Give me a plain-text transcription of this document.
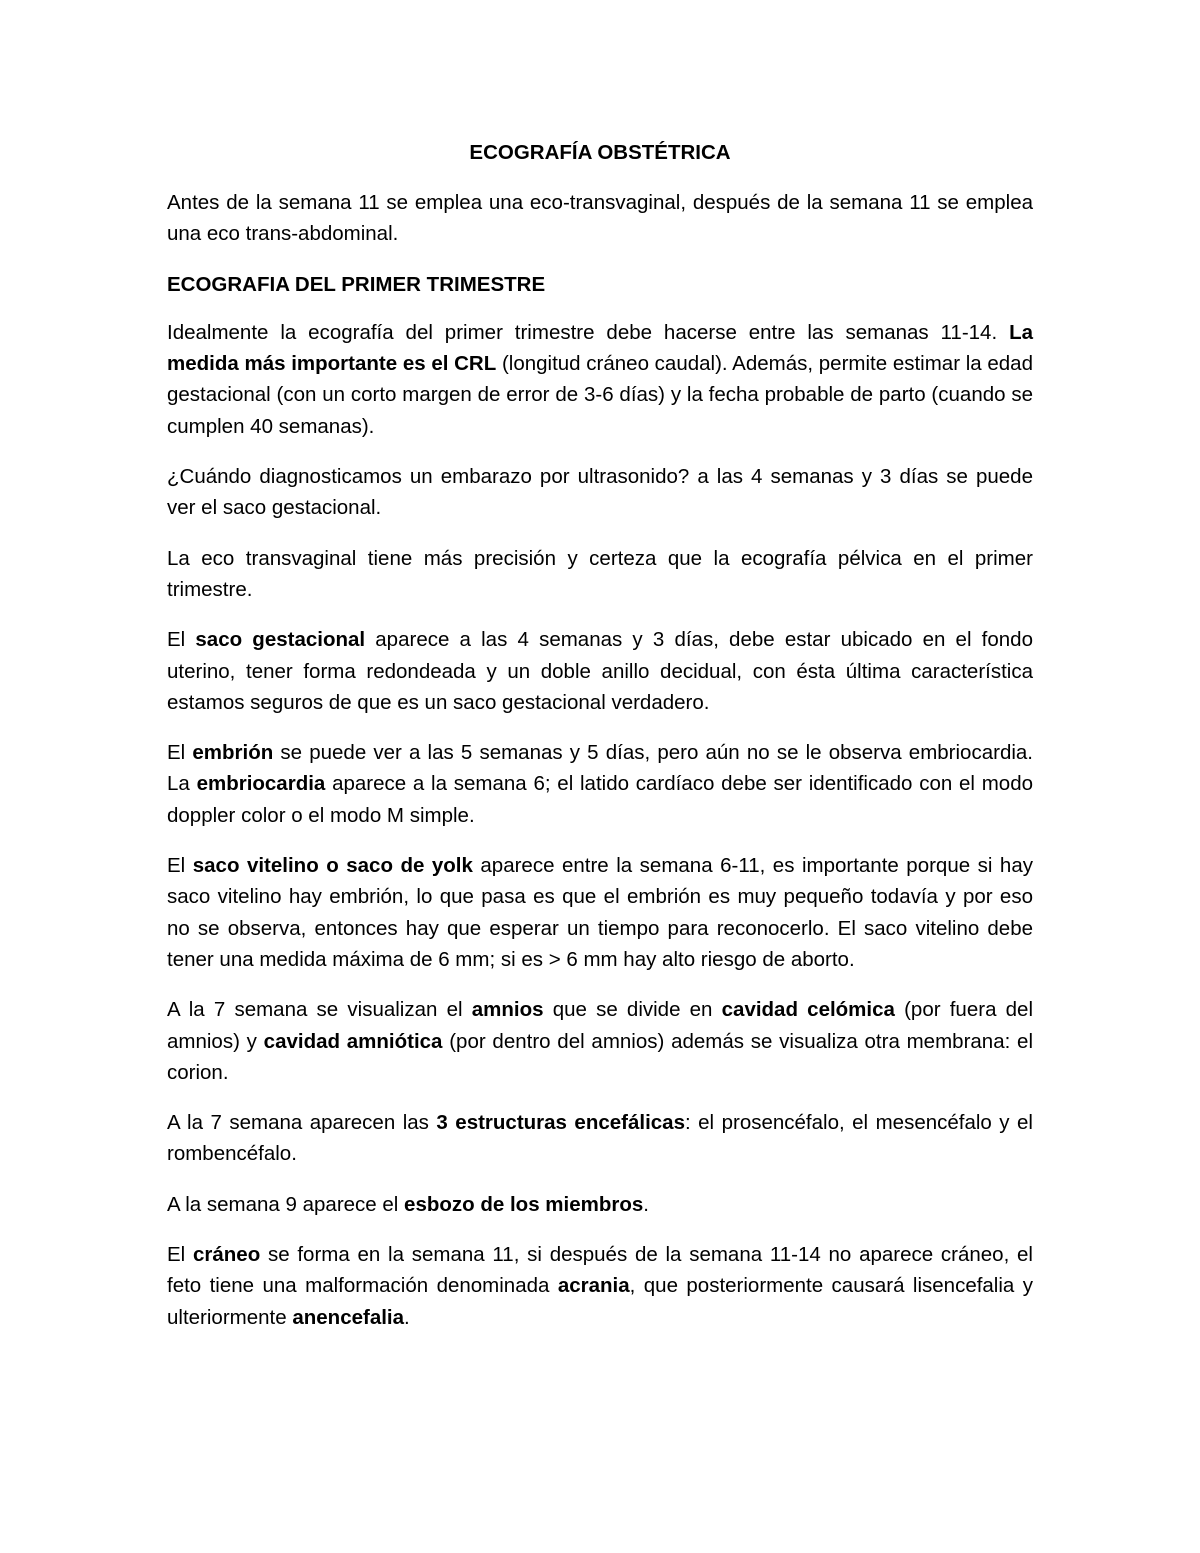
ECOGRAFÍA OBSTÉTRICA

Antes de la semana 11 se emplea una eco-transvaginal, después de la semana 11 se emplea una eco trans-abdominal.

ECOGRAFIA DEL PRIMER TRIMESTRE

Idealmente la ecografía del primer trimestre debe hacerse entre las semanas 11-14. La medida más importante es el CRL (longitud cráneo caudal). Además, permite estimar la edad gestacional (con un corto margen de error de 3-6 días) y la fecha probable de parto (cuando se cumplen 40 semanas).

¿Cuándo diagnosticamos un embarazo por ultrasonido? a las 4 semanas y 3 días se puede ver el saco gestacional.

La eco transvaginal tiene más precisión y certeza que la ecografía pélvica en el primer trimestre.

El saco gestacional aparece a las 4 semanas y 3 días, debe estar ubicado en el fondo uterino, tener forma redondeada y un doble anillo decidual, con ésta última característica estamos seguros de que es un saco gestacional verdadero.

El embrión se puede ver a las 5 semanas y 5 días, pero aún no se le observa embriocardia. La embriocardia aparece a la semana 6; el latido cardíaco debe ser identificado con el modo doppler color o el modo M simple.

El saco vitelino o saco de yolk aparece entre la semana 6-11, es importante porque si hay saco vitelino hay embrión, lo que pasa es que el embrión es muy pequeño todavía y por eso no se observa, entonces hay que esperar un tiempo para reconocerlo. El saco vitelino debe tener una medida máxima de 6 mm; si es > 6 mm hay alto riesgo de aborto.

A la 7 semana se visualizan el amnios que se divide en cavidad celómica (por fuera del amnios) y cavidad amniótica (por dentro del amnios) además se visualiza otra membrana: el corion.

A la 7 semana aparecen las 3 estructuras encefálicas: el prosencéfalo, el mesencéfalo y el rombencéfalo.

A la semana 9 aparece el esbozo de los miembros.

El cráneo se forma en la semana 11, si después de la semana 11-14 no aparece cráneo, el feto tiene una malformación denominada acrania, que posteriormente causará lisencefalia y ulteriormente anencefalia.
